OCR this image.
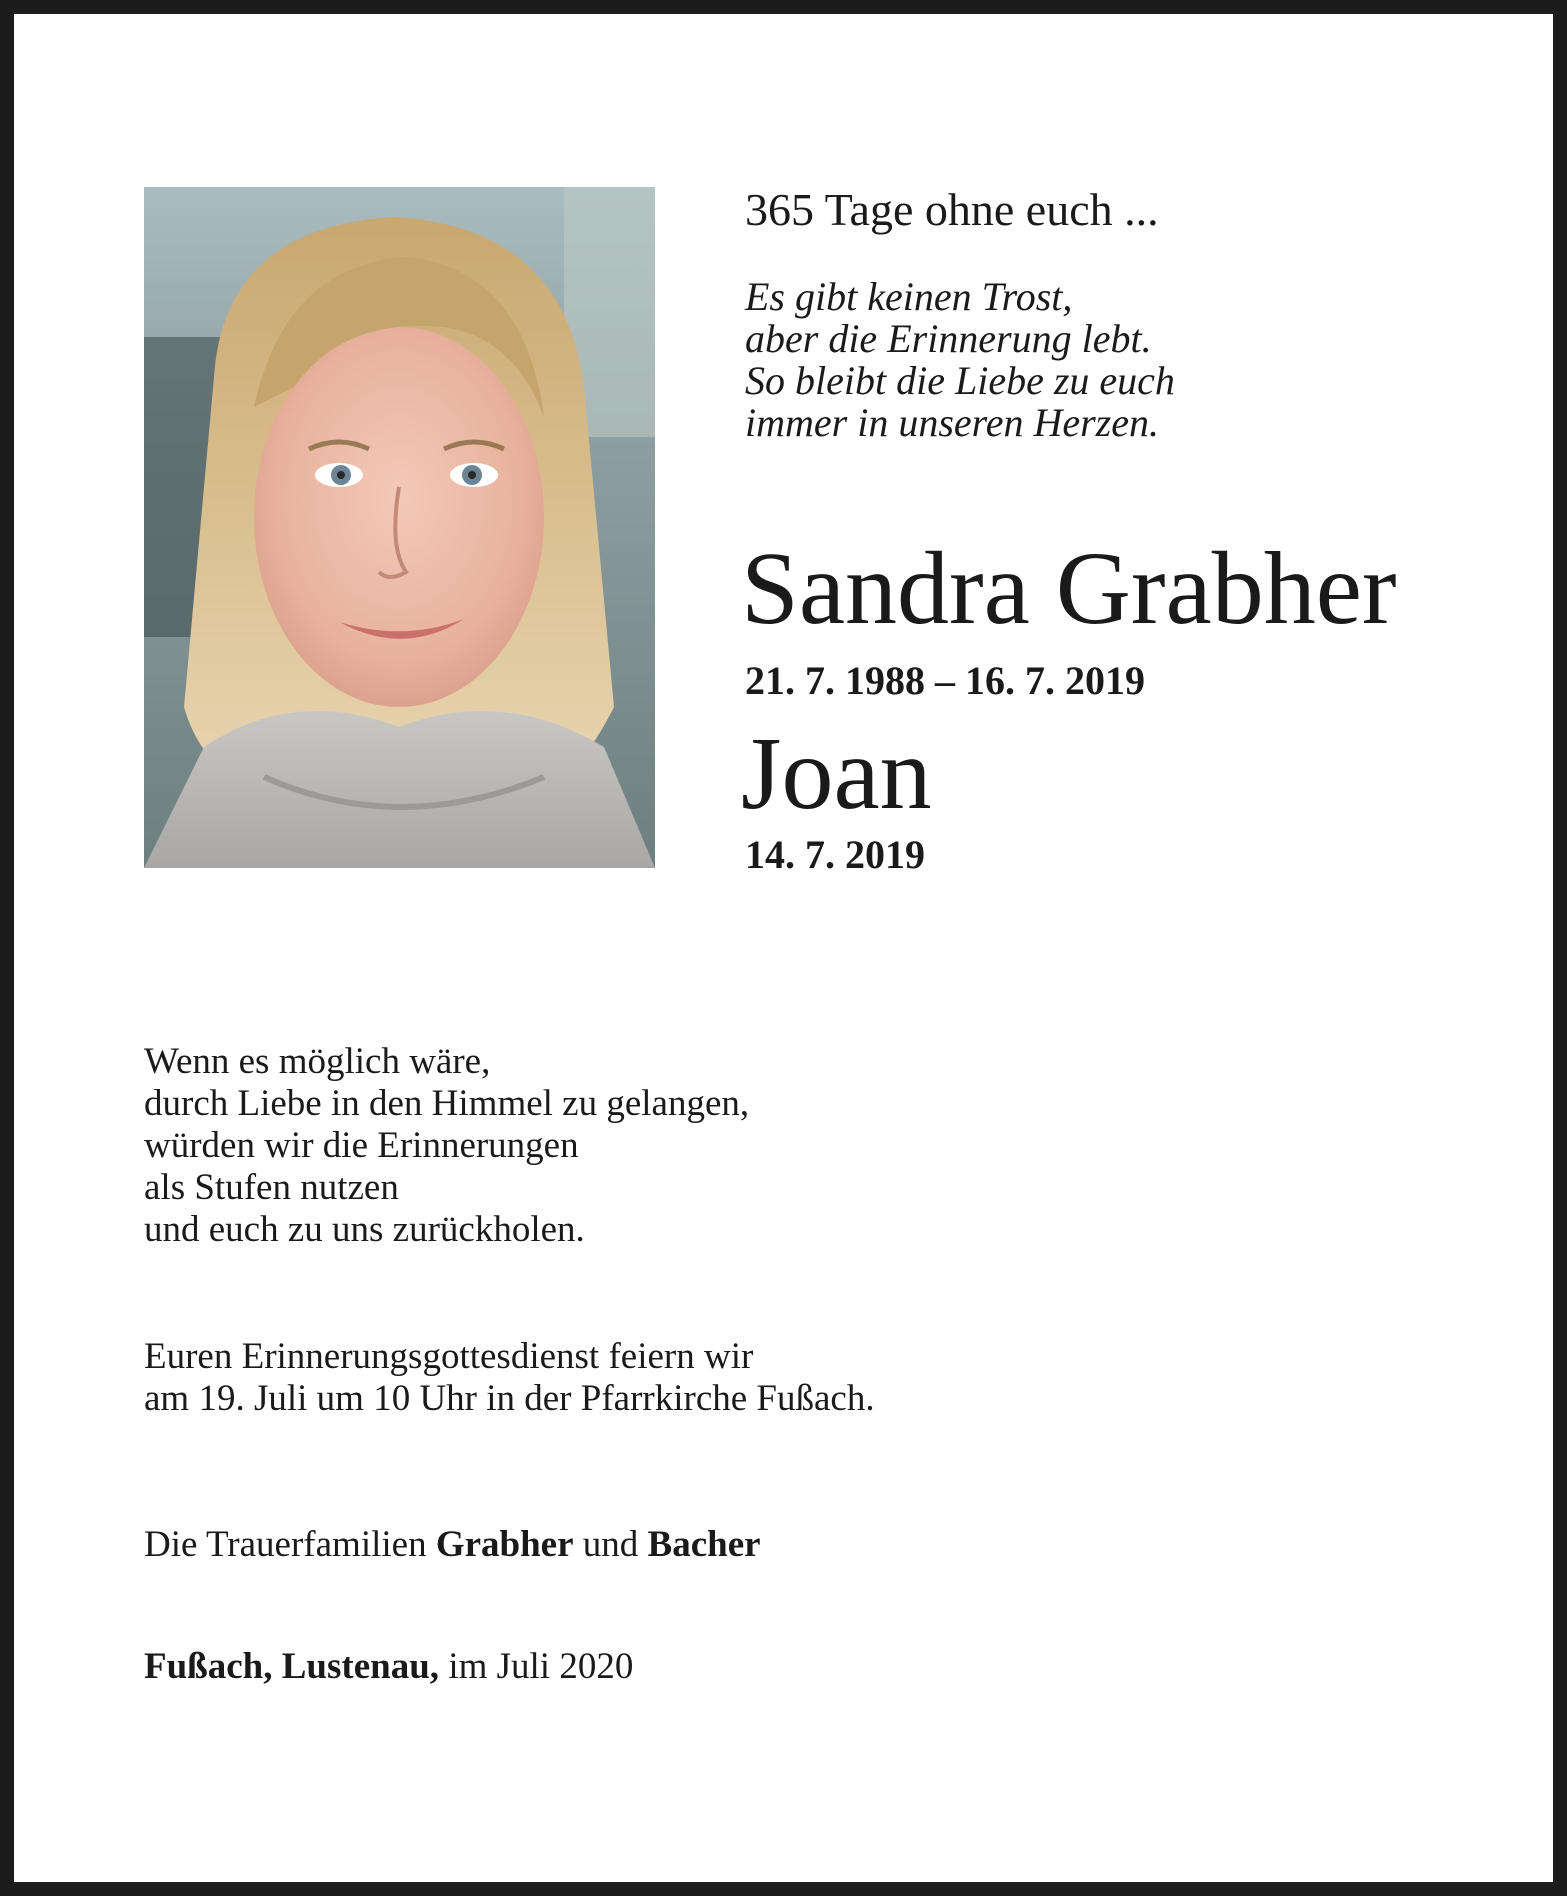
365 Tage ohne euch ...
Es gibt keinen Trost,
aber die Erinnerung lebt.
So bleibt die Liebe zu euch
immer in unseren Herzen.
Sandra Grabher
21. 7. 1988 – 16. 7. 2019
Joan
14. 7. 2019
Wenn es möglich wäre,
durch Liebe in den Himmel zu gelangen,
würden wir die Erinnerungen
als Stufen nutzen
und euch zu uns zurückholen.
Euren Erinnerungsgottesdienst feiern wir
am 19. Juli um 10 Uhr in der Pfarrkirche Fußach.
Die Trauerfamilien Grabher und Bacher
Fußach, Lustenau, im Juli 2020
